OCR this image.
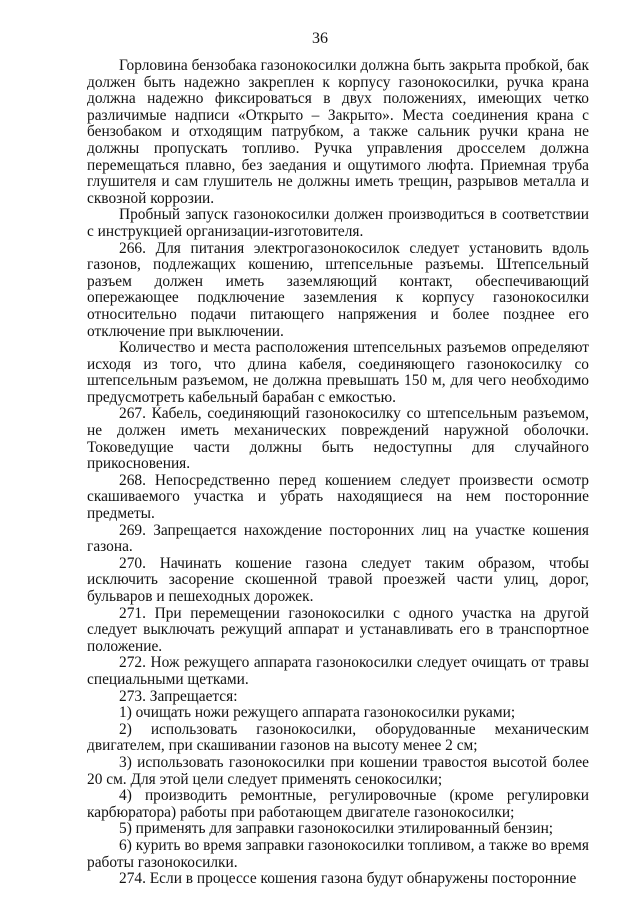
36

Горловина бензобака газонокосилки должна быть закрыта пробкой, бак должен быть надежно закреплен к корпусу газонокосилки, ручка крана должна надежно фиксироваться в двух положениях, имеющих четко различимые надписи «Открыто – Закрыто». Места соединения крана с бензобаком и отходящим патрубком, а также сальник ручки крана не должны пропускать топливо. Ручка управления дросселем должна перемещаться плавно, без заедания и ощутимого люфта. Приемная труба глушителя и сам глушитель не должны иметь трещин, разрывов металла и сквозной коррозии.

Пробный запуск газонокосилки должен производиться в соответствии с инструкцией организации-изготовителя.

266. Для питания электрогазонокосилок следует установить вдоль газонов, подлежащих кошению, штепсельные разъемы. Штепсельный разъем должен иметь заземляющий контакт, обеспечивающий опережающее подключение заземления к корпусу газонокосилки относительно подачи питающего напряжения и более позднее его отключение при выключении.

Количество и места расположения штепсельных разъемов определяют исходя из того, что длина кабеля, соединяющего газонокосилку со штепсельным разъемом, не должна превышать 150 м, для чего необходимо предусмотреть кабельный барабан с емкостью.

267. Кабель, соединяющий газонокосилку со штепсельным разъемом, не должен иметь механических повреждений наружной оболочки. Токоведущие части должны быть недоступны для случайного прикосновения.

268. Непосредственно перед кошением следует произвести осмотр скашиваемого участка и убрать находящиеся на нем посторонние предметы.

269. Запрещается нахождение посторонних лиц на участке кошения газона.

270. Начинать кошение газона следует таким образом, чтобы исключить засорение скошенной травой проезжей части улиц, дорог, бульваров и пешеходных дорожек.

271. При перемещении газонокосилки с одного участка на другой следует выключать режущий аппарат и устанавливать его в транспортное положение.

272. Нож режущего аппарата газонокосилки следует очищать от травы специальными щетками.

273. Запрещается:

1) очищать ножи режущего аппарата газонокосилки руками;

2) использовать газонокосилки, оборудованные механическим двигателем, при скашивании газонов на высоту менее 2 см;

3) использовать газонокосилки при кошении травостоя высотой более 20 см. Для этой цели следует применять сенокосилки;

4) производить ремонтные, регулировочные (кроме регулировки карбюратора) работы при работающем двигателе газонокосилки;

5) применять для заправки газонокосилки этилированный бензин;

6) курить во время заправки газонокосилки топливом, а также во время работы газонокосилки.

274. Если в процессе кошения газона будут обнаружены посторонние
